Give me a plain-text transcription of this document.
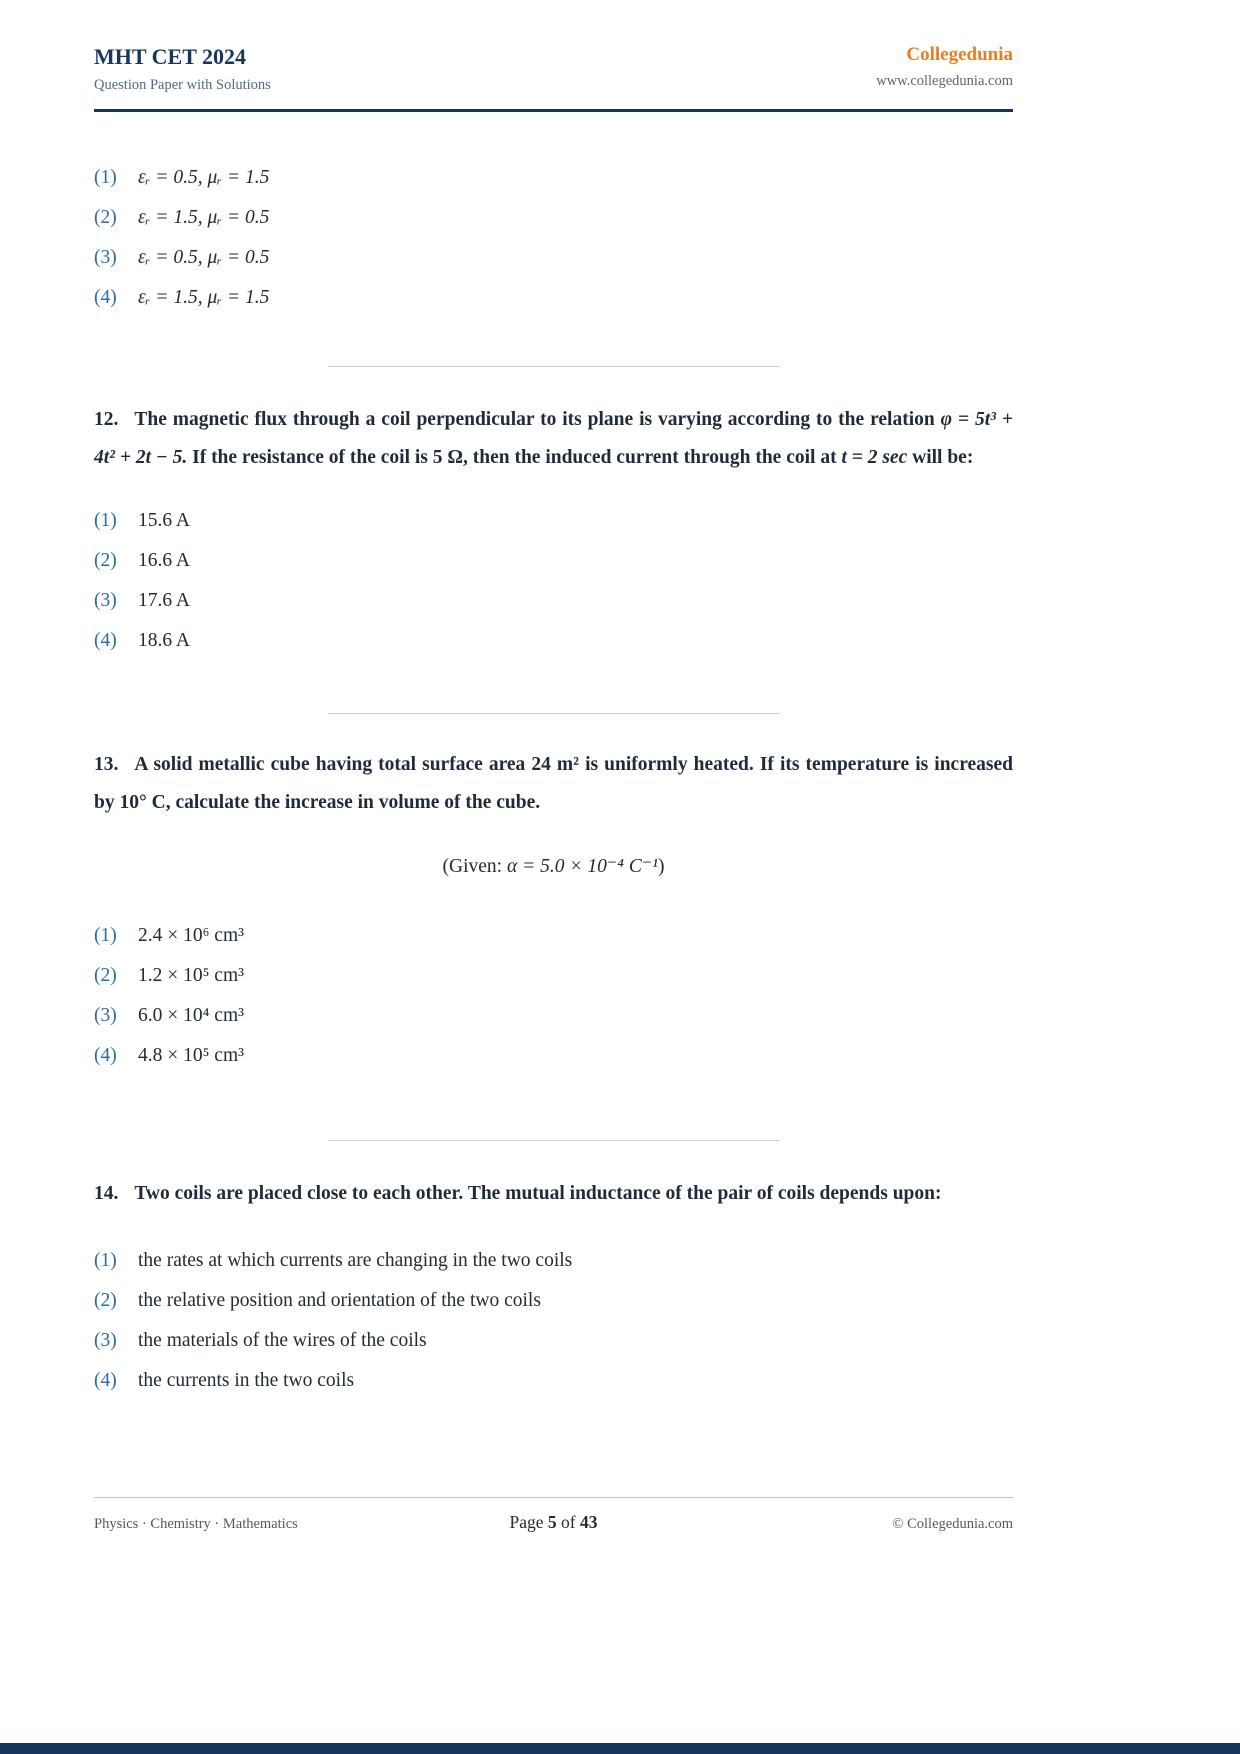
MHT CET 2024
Question Paper with Solutions
Collegedunia
www.collegedunia.com
(1)	εᵣ = 0.5, μᵣ = 1.5
(2)	εᵣ = 1.5, μᵣ = 0.5
(3)	εᵣ = 0.5, μᵣ = 0.5
(4)	εᵣ = 1.5, μᵣ = 1.5

12. The magnetic flux through a coil perpendicular to its plane is varying according to the relation φ = 5t³ + 4t² + 2t − 5. If the resistance of the coil is 5 Ω, then the induced current through the coil at t = 2 sec will be:

(1)	15.6 A
(2)	16.6 A
(3)	17.6 A
(4)	18.6 A

13. A solid metallic cube having total surface area 24 m² is uniformly heated. If its temperature is increased by 10° C, calculate the increase in volume of the cube.

(Given: α = 5.0 × 10⁻⁴ C⁻¹)

(1)	2.4 × 10⁶ cm³
(2)	1.2 × 10⁵ cm³
(3)	6.0 × 10⁴ cm³
(4)	4.8 × 10⁵ cm³

14. Two coils are placed close to each other. The mutual inductance of the pair of coils depends upon:

(1)	the rates at which currents are changing in the two coils
(2)	the relative position and orientation of the two coils
(3)	the materials of the wires of the coils
(4)	the currents in the two coils
Physics · Chemistry · Mathematics	Page 5 of 43	© Collegedunia.com
